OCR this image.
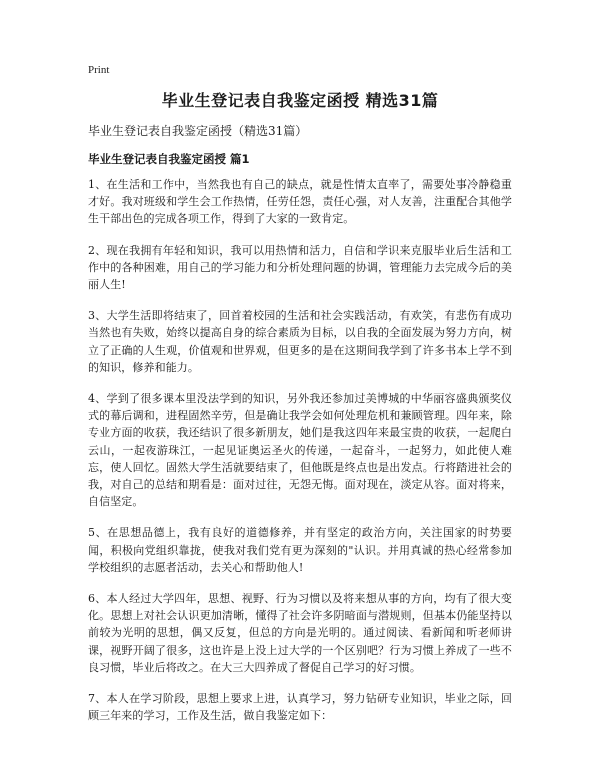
Print
毕业生登记表自我鉴定函授 精选31篇
毕业生登记表自我鉴定函授（精选31篇）
毕业生登记表自我鉴定函授 篇1

1、在生活和工作中，当然我也有自己的缺点，就是性情太直率了，需要处事冷静稳重才好。我对班级和学生会工作热情，任劳任怨，责任心强，对人友善，注重配合其他学生干部出色的完成各项工作，得到了大家的一致肯定。

2、现在我拥有年轻和知识，我可以用热情和活力，自信和学识来克服毕业后生活和工作中的各种困难，用自己的学习能力和分析处理问题的协调，管理能力去完成今后的美丽人生!

3、大学生活即将结束了，回首着校园的生活和社会实践活动，有欢笑，有悲伤有成功当然也有失败，始终以提高自身的综合素质为目标，以自我的全面发展为努力方向，树立了正确的人生观，价值观和世界观，但更多的是在这期间我学到了许多书本上学不到的知识，修养和能力。

4、学到了很多课本里没法学到的知识，另外我还参加过美博城的中华丽容盛典颁奖仪式的幕后调和，进程固然辛劳，但是确让我学会如何处理危机和兼顾管理。四年来，除专业方面的收获，我还结识了很多新朋友，她们是我这四年来最宝贵的收获，一起爬白云山，一起夜游珠江，一起见证奥运圣火的传递，一起奋斗，一起努力，如此使人难忘，使人回忆。固然大学生活就要结束了，但他既是终点也是出发点。行将踏进社会的我，对自己的总结和期看是：面对过往，无怨无悔。面对现在，淡定从容。面对将来，自信坚定。

5、在思想品德上，我有良好的道德修养，并有坚定的政治方向，关注国家的时势要闻，积极向党组织靠拢，使我对我们党有更为深刻的"认识。并用真诚的热心经常参加学校组织的志愿者活动，去关心和帮助他人!

6、本人经过大学四年，思想、视野、行为习惯以及将来想从事的方向，均有了很大变化。思想上对社会认识更加清晰，懂得了社会许多阴暗面与潜规则，但基本仍能坚持以前较为光明的思想，偶又反复，但总的方向是光明的。通过阅读、看新闻和听老师讲课，视野开阔了很多，这也许是上没上过大学的一个区别吧？行为习惯上养成了一些不良习惯，毕业后将改之。在大三大四养成了督促自己学习的好习惯。

7、本人在学习阶段，思想上要求上进，认真学习，努力钻研专业知识，毕业之际，回顾三年来的学习，工作及生活，做自我鉴定如下：
